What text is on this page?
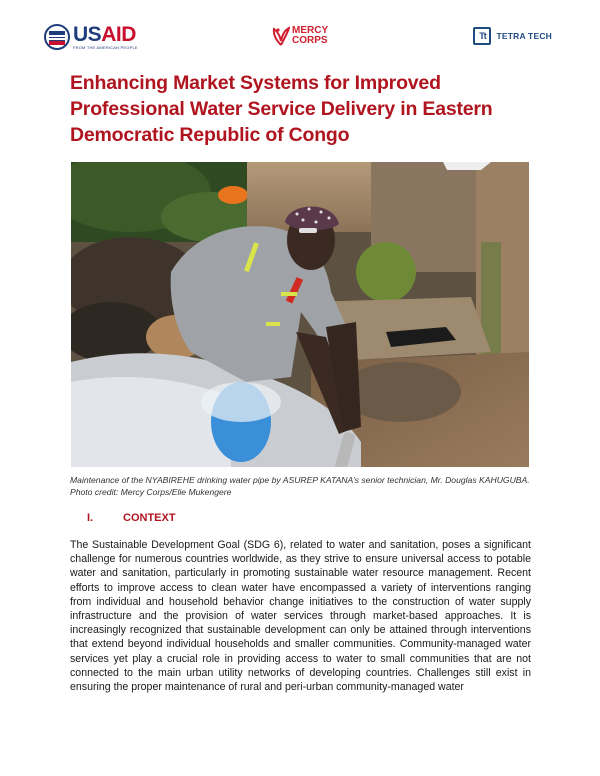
USAID
FROM THE AMERICAN PEOPLE
MERCY
CORPS	Tt	TETRA TECH
Enhancing Market Systems for Improved Professional Water Service Delivery in Eastern Democratic Republic of Congo

Maintenance of the NYABIREHE drinking water pipe by ASUREP KATANA’s senior technician, Mr. Douglas KAHUGUBA. Photo credit: Mercy Corps/Elie Mukengere

I.	CONTEXT

The Sustainable Development Goal (SDG 6), related to water and sanitation, poses a significant challenge for numerous countries worldwide, as they strive to ensure universal access to potable water and sanitation, particularly in promoting sustainable water resource management. Recent efforts to improve access to clean water have encompassed a variety of interventions ranging from individual and household behavior change initiatives to the construction of water supply infrastructure and the provision of water services through market-based approaches. It is increasingly recognized that sustainable development can only be attained through interventions that extend beyond individual households and smaller communities. Community-managed water services yet play a crucial role in providing access to water to small communities that are not connected to the main urban utility networks of developing countries. Challenges still exist in ensuring the proper maintenance of rural and peri-urban community-managed water
